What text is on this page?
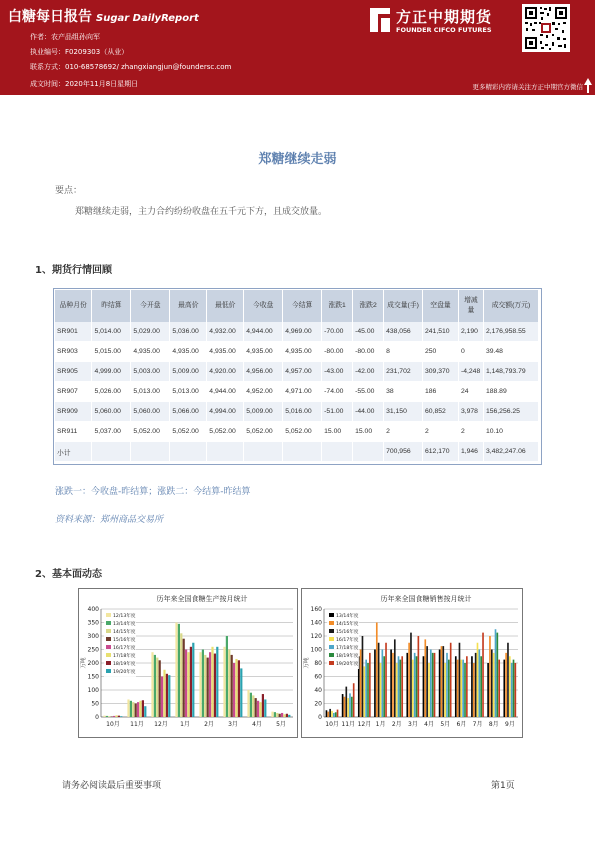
白糖每日报告 Sugar DailyReport
作者：农产品组孙向军
执业编号：F0209303（从业）
联系方式：010-68578692/ zhangxiangjun@foundersc.com
成文时间：2020年11月8日星期日
方正中期期货
FOUNDER CIFCO FUTURES
更多精彩内容请关注方正中期官方微信
郑糖继续走弱
要点：
郑糖继续走弱，主力合约纷纷收盘在五千元下方，且成交放量。
1、期货行情回顾
品种月份	昨结算	今开盘	最高价	最低价	今收盘	今结算	涨跌1	涨跌2	成交量(手)	空盘量	增减量	成交额(万元)
SR901	5,014.00	5,029.00	5,036.00	4,932.00	4,944.00	4,969.00	-70.00	-45.00	438,056	241,510	2,190	2,176,958.55
SR903	5,015.00	4,935.00	4,935.00	4,935.00	4,935.00	4,935.00	-80.00	-80.00	8	250	0	39.48
SR905	4,999.00	5,003.00	5,009.00	4,920.00	4,956.00	4,957.00	-43.00	-42.00	231,702	309,370	-4,248	1,148,793.79
SR907	5,026.00	5,013.00	5,013.00	4,944.00	4,952.00	4,971.00	-74.00	-55.00	38	186	24	188.89
SR909	5,060.00	5,060.00	5,066.00	4,994.00	5,009.00	5,016.00	-51.00	-44.00	31,150	60,852	3,978	156,256.25
SR911	5,037.00	5,052.00	5,052.00	5,052.00	5,052.00	5,052.00	15.00	15.00	2	2	2	10.10
小计									700,956	612,170	1,946	3,482,247.06
涨跌一：今收盘-昨结算；涨跌二：今结算-昨结算
资料来源：郑州商品交易所
2、基本面动态
历年来全国食糖生产按月统计
万吨
0
50
100
150
200
250
300
350
400
10月 11月 12月 1月 2月 3月 4月 5月
12/13年度
13/14年度
14/15年度
15/16年度
16/17年度
17/18年度
18/19年度
19/20年度
历年来全国食糖销售按月统计
万吨
0
20
40
60
80
100
120
140
160
10月 11月 12月 1月 2月 3月 4月 5月 6月 7月 8月 9月
13/14年度
14/15年度
15/16年度
16/17年度
17/18年度
18/19年度
19/20年度
请务必阅读最后重要事项	第1页
